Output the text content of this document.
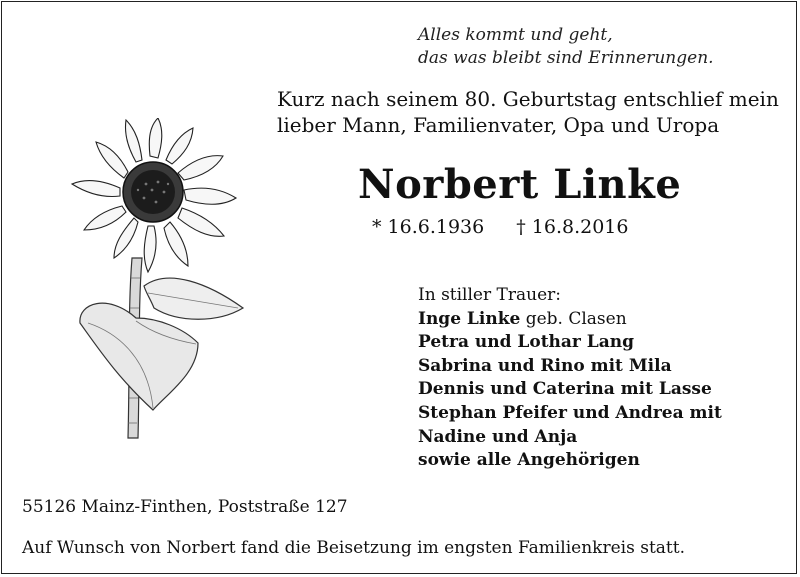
Alles kommt und geht,
das was bleibt sind Erinnerungen.
Kurz nach seinem 80. Geburtstag entschlief mein
lieber Mann, Familienvater, Opa und Uropa
Norbert Linke
* 16.6.1936 † 16.8.2016
In stiller Trauer:
Inge Linke geb. Clasen
Petra und Lothar Lang
Sabrina und Rino mit Mila
Dennis und Caterina mit Lasse
Stephan Pfeifer und Andrea mit
Nadine und Anja
sowie alle Angehörigen
55126 Mainz-Finthen, Poststraße 127
Auf Wunsch von Norbert fand die Beisetzung im engsten Familienkreis statt.
